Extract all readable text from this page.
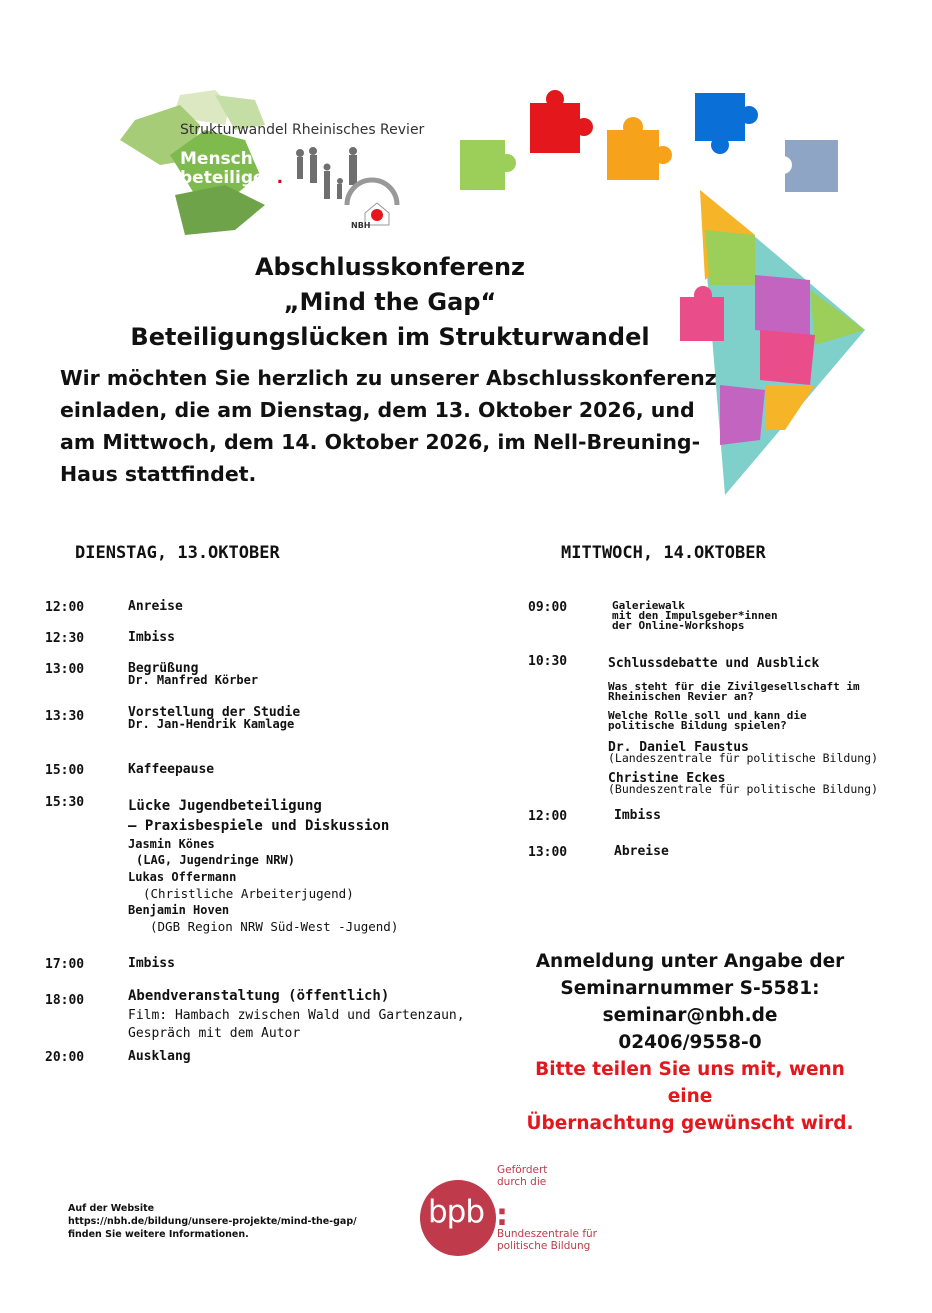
Strukturwandel Rheinisches Revier
Menschen
beteiligen.
NBH
Abschlusskonferenz
„Mind the Gap“
Beteiligungslücken im Strukturwandel
Wir möchten Sie herzlich zu unserer Abschlusskonferenz einladen, die am Dienstag, dem 13. Oktober 2026, und am Mittwoch, dem 14. Oktober 2026, im Nell-Breuning-Haus stattfindet.
DIENSTAG, 13.OKTOBER
12:00	Anreise
12:30	Imbiss
13:00	Begrüßung
Dr. Manfred Körber
13:30	Vorstellung der Studie
Dr. Jan-Hendrik Kamlage
15:00	Kaffeepause
15:30	Lücke Jugendbeteiligung
– Praxisbespiele und Diskussion
Jasmin Könes
(LAG, Jugendringe NRW)
Lukas Offermann
(Christliche Arbeiterjugend)
Benjamin Hoven
(DGB Region NRW Süd-West -Jugend)
17:00	Imbiss
18:00	Abendveranstaltung (öffentlich)
Film: Hambach zwischen Wald und Gartenzaun,
Gespräch mit dem Autor
20:00	Ausklang
MITTWOCH, 14.OKTOBER
09:00	Galeriewalk
mit den Impulsgeber*innen
der Online-Workshops
10:30	Schlussdebatte und Ausblick
Was steht für die Zivilgesellschaft im
Rheinischen Revier an?
Welche Rolle soll und kann die
politische Bildung spielen?
Dr. Daniel Faustus
(Landeszentrale für politische Bildung)
Christine Eckes
(Bundeszentrale für politische Bildung)
12:00	Imbiss
13:00	Abreise
Anmeldung unter Angabe der
Seminarnummer S-5581:
seminar@nbh.de
02406/9558-0
Bitte teilen Sie uns mit, wenn eine
Übernachtung gewünscht wird.
Auf der Website
https://nbh.de/bildung/unsere-projekte/mind-the-gap/
finden Sie weitere Informationen.
bpb :
Gefördert
durch die
Bundeszentrale für
politische Bildung
